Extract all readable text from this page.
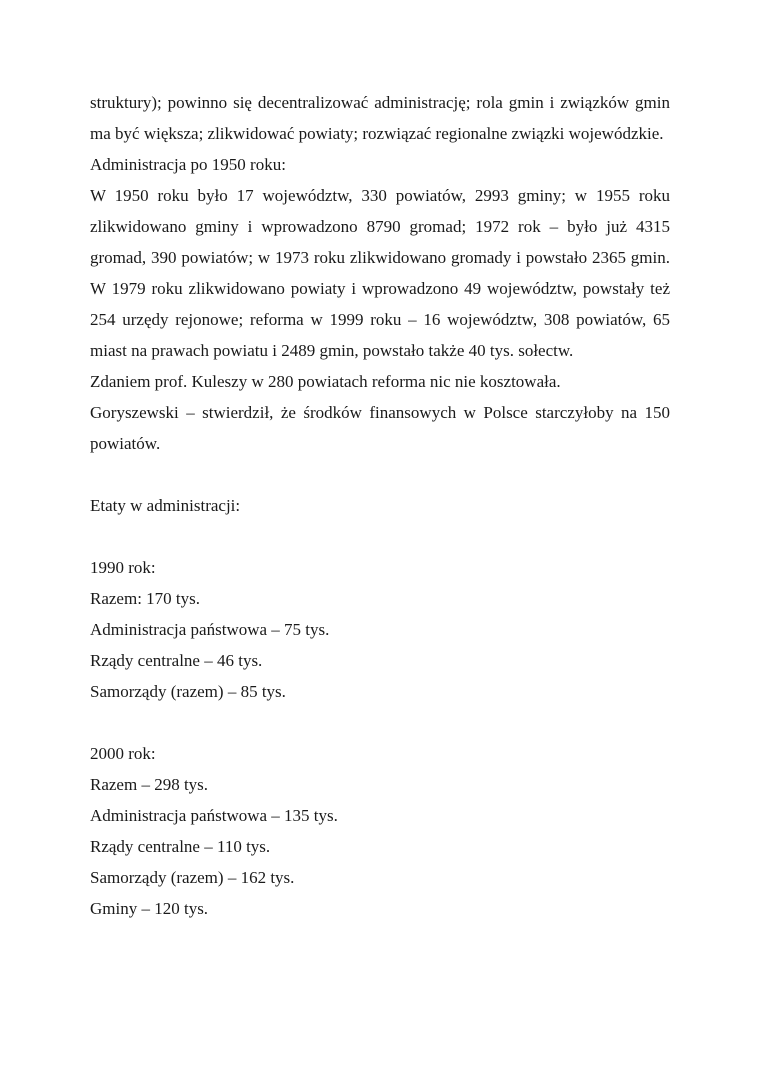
struktury); powinno się decentralizować administrację; rola gmin i związków gmin ma być większa; zlikwidować powiaty; rozwiązać regionalne związki wojewódzkie.

Administracja po 1950 roku:

W 1950 roku było 17 województw, 330 powiatów, 2993 gminy; w 1955 roku zlikwidowano gminy i wprowadzono 8790 gromad; 1972 rok – było już 4315 gromad, 390 powiatów; w 1973 roku zlikwidowano gromady i powstało 2365 gmin. W 1979 roku zlikwidowano powiaty i wprowadzono 49 województw, powstały też 254 urzędy rejonowe; reforma w 1999 roku – 16 województw, 308 powiatów, 65 miast na prawach powiatu i 2489 gmin, powstało także 40 tys. sołectw.

Zdaniem prof. Kuleszy w 280 powiatach reforma nic nie kosztowała.

Goryszewski – stwierdził, że środków finansowych w Polsce starczyłoby na 150 powiatów.

Etaty w administracji:

1990 rok:

Razem: 170 tys.

Administracja państwowa – 75 tys.

Rządy centralne – 46 tys.

Samorządy (razem) – 85 tys.

2000 rok:

Razem – 298 tys.

Administracja państwowa – 135 tys.

Rządy centralne – 110 tys.

Samorządy (razem) – 162 tys.

Gminy – 120 tys.
